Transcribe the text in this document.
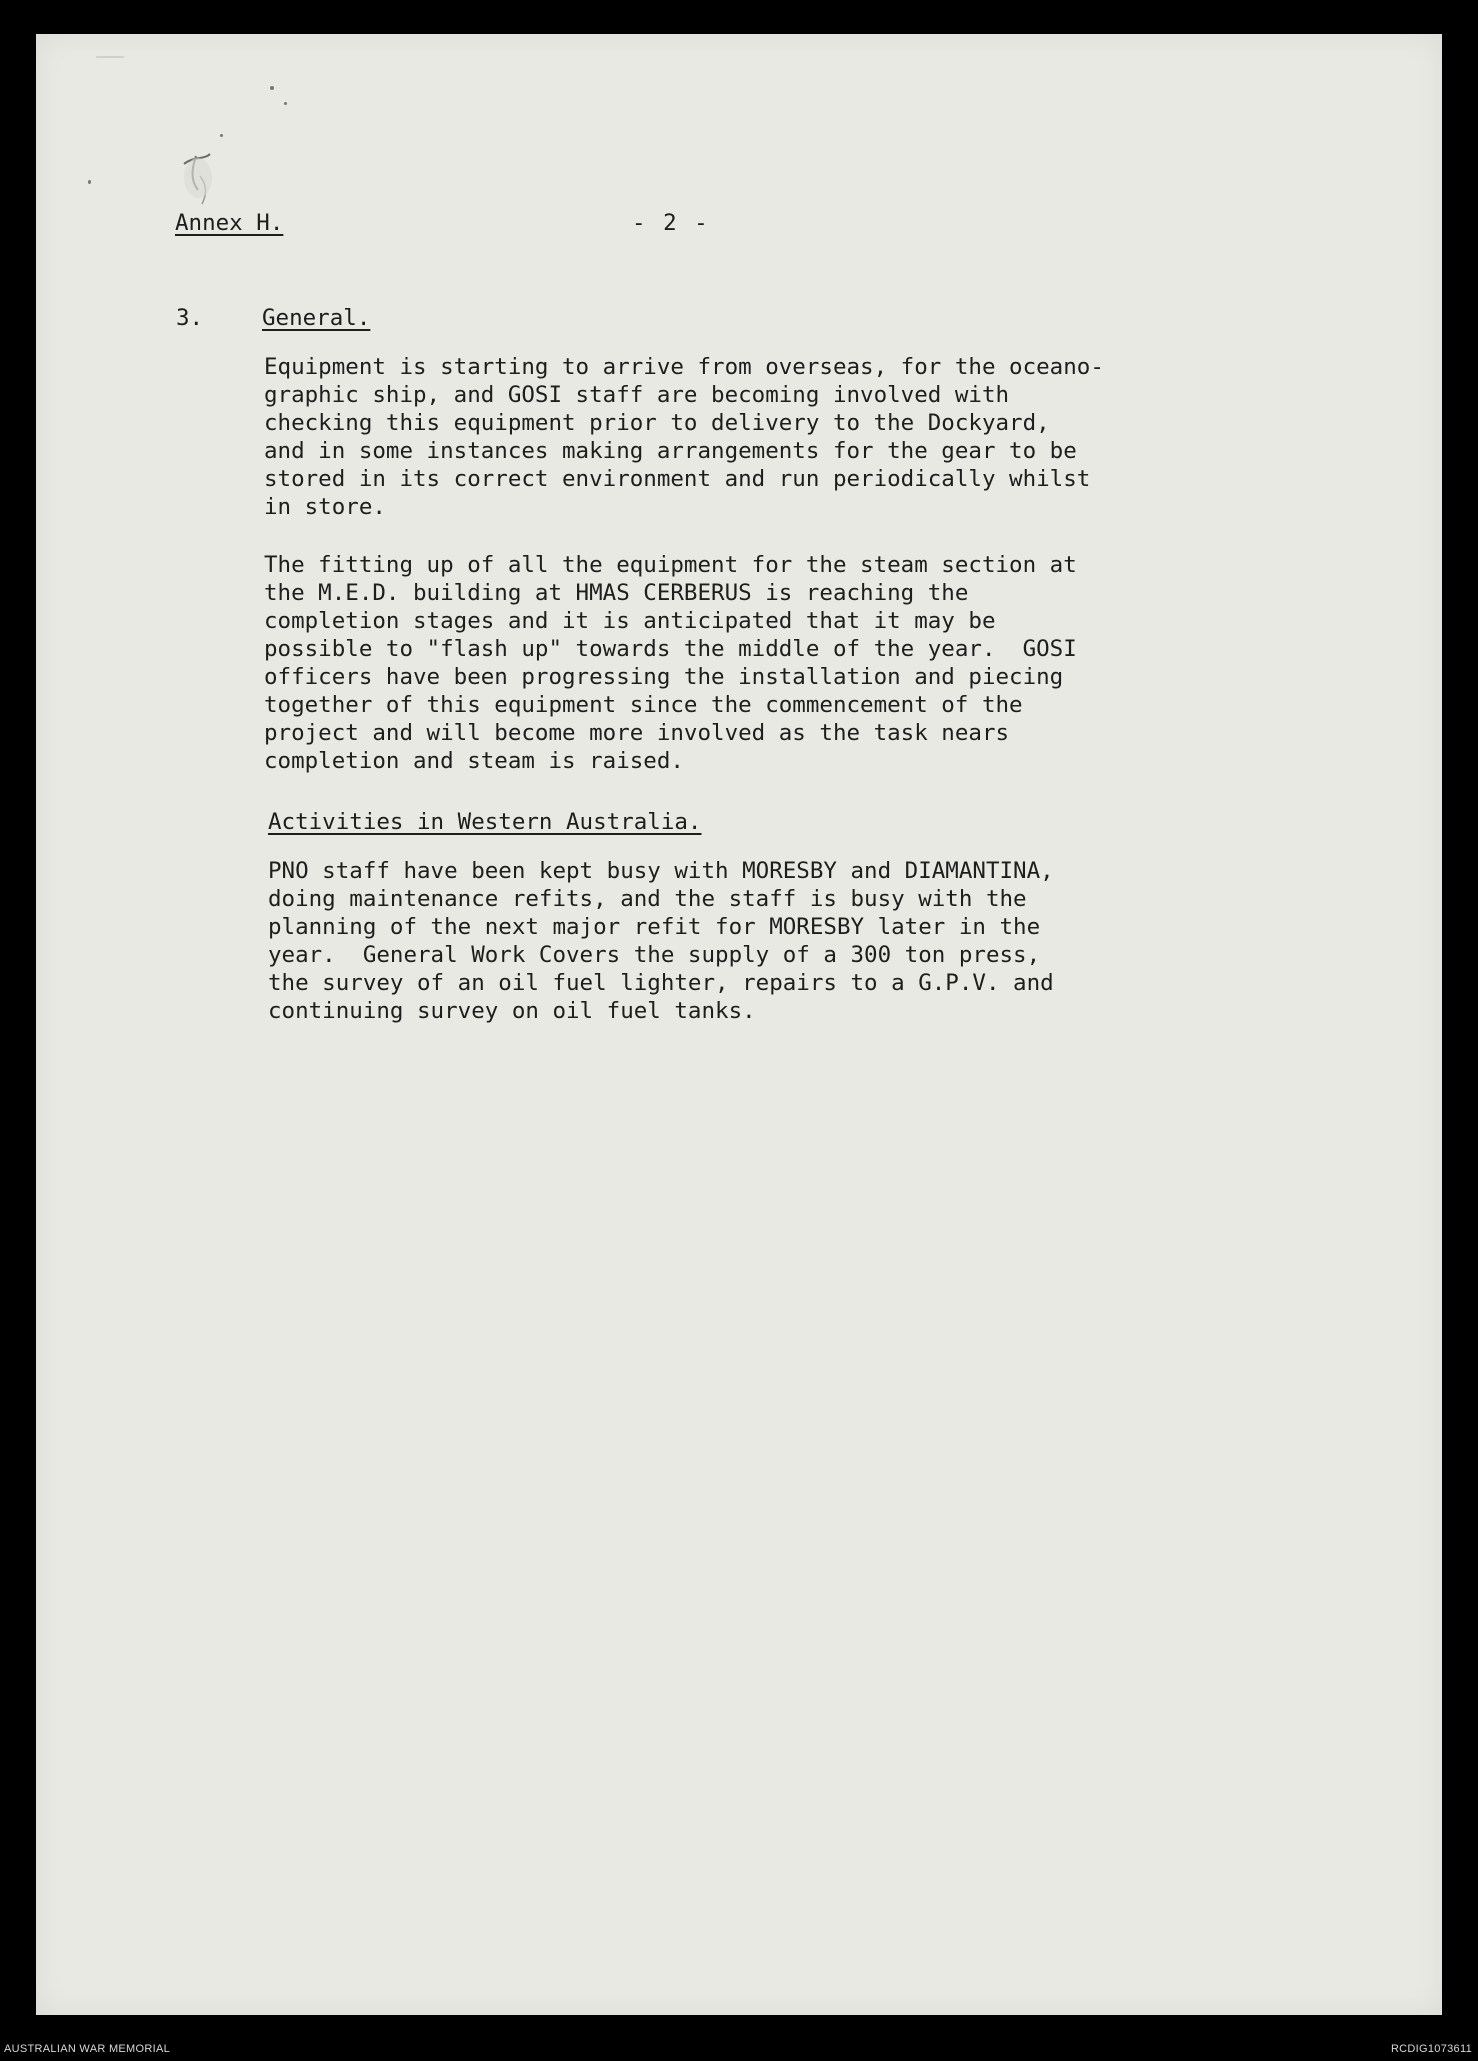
Annex H.	- 2 -
3.	General.

Equipment is starting to arrive from overseas, for the oceano-
graphic ship, and GOSI staff are becoming involved with
checking this equipment prior to delivery to the Dockyard,
and in some instances making arrangements for the gear to be
stored in its correct environment and run periodically whilst
in store.

The fitting up of all the equipment for the steam section at
the M.E.D. building at HMAS CERBERUS is reaching the
completion stages and it is anticipated that it may be
possible to "flash up" towards the middle of the year.  GOSI
officers have been progressing the installation and piecing
together of this equipment since the commencement of the
project and will become more involved as the task nears
completion and steam is raised.

Activities in Western Australia.

PNO staff have been kept busy with MORESBY and DIAMANTINA,
doing maintenance refits, and the staff is busy with the
planning of the next major refit for MORESBY later in the
year.  General Work Covers the supply of a 300 ton press,
the survey of an oil fuel lighter, repairs to a G.P.V. and
continuing survey on oil fuel tanks.

AUSTRALIAN WAR MEMORIAL	RCDIG1073611
